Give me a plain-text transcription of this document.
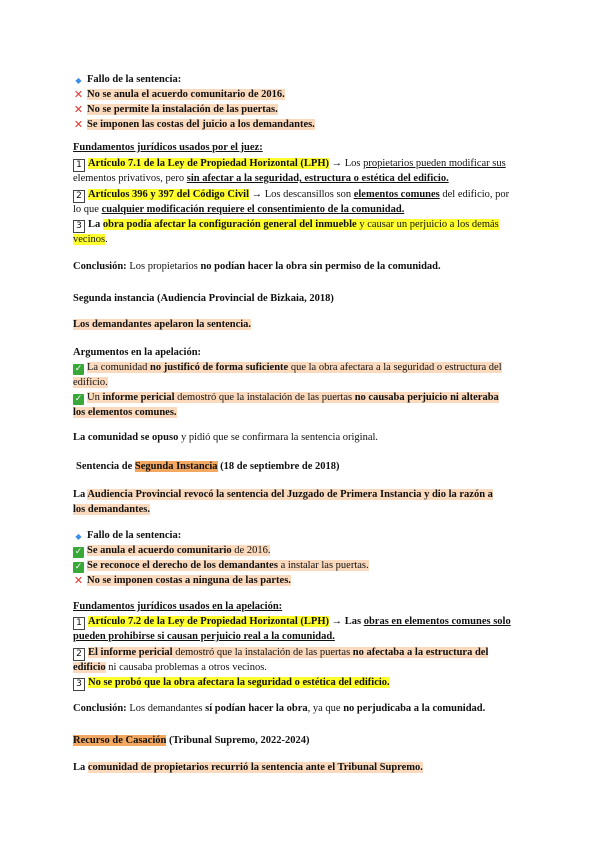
◆ Fallo de la sentencia:
✕ No se anula el acuerdo comunitario de 2016.
✕ No se permite la instalación de las puertas.
✕ Se imponen las costas del juicio a los demandantes.
Fundamentos jurídicos usados por el juez:
1 Artículo 7.1 de la Ley de Propiedad Horizontal (LPH) → Los propietarios pueden modificar sus
elementos privativos, pero sin afectar a la seguridad, estructura o estética del edificio.
2 Artículos 396 y 397 del Código Civil → Los descansillos son elementos comunes del edificio, por
lo que cualquier modificación requiere el consentimiento de la comunidad.
3 La obra podía afectar la configuración general del inmueble y causar un perjuicio a los demás
vecinos.
Conclusión: Los propietarios no podían hacer la obra sin permiso de la comunidad.
Segunda instancia (Audiencia Provincial de Bizkaia, 2018)
Los demandantes apelaron la sentencia.
Argumentos en la apelación:
✓ La comunidad no justificó de forma suficiente que la obra afectara a la seguridad o estructura del
edificio.
✓ Un informe pericial demostró que la instalación de las puertas no causaba perjuicio ni alteraba
los elementos comunes.
La comunidad se opuso y pidió que se confirmara la sentencia original.
Sentencia de Segunda Instancia (18 de septiembre de 2018)
La Audiencia Provincial revocó la sentencia del Juzgado de Primera Instancia y dio la razón a
los demandantes.
◆ Fallo de la sentencia:
✓ Se anula el acuerdo comunitario de 2016.
✓ Se reconoce el derecho de los demandantes a instalar las puertas.
✕ No se imponen costas a ninguna de las partes.
Fundamentos jurídicos usados en la apelación:
1 Artículo 7.2 de la Ley de Propiedad Horizontal (LPH) → Las obras en elementos comunes solo
pueden prohibirse si causan perjuicio real a la comunidad.
2 El informe pericial demostró que la instalación de las puertas no afectaba a la estructura del
edificio ni causaba problemas a otros vecinos.
3 No se probó que la obra afectara la seguridad o estética del edificio.
Conclusión: Los demandantes sí podían hacer la obra, ya que no perjudicaba a la comunidad.
Recurso de Casación (Tribunal Supremo, 2022-2024)
La comunidad de propietarios recurrió la sentencia ante el Tribunal Supremo.
